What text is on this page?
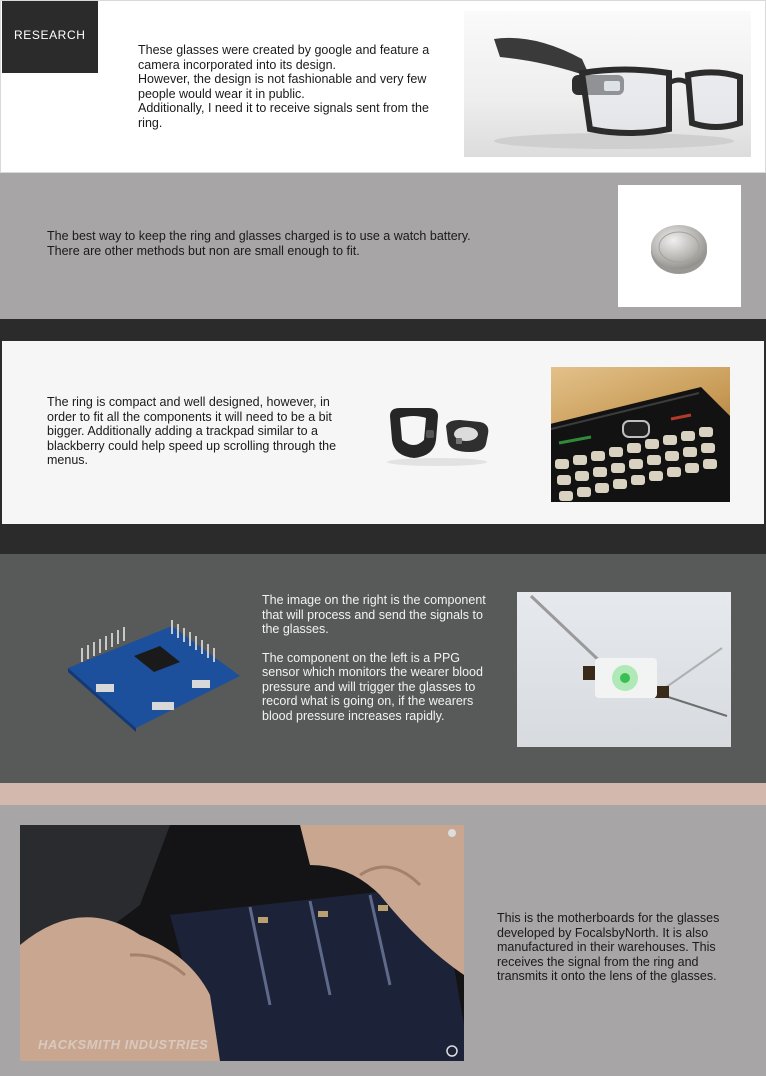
RESEARCH

These glasses were created by google and feature a camera incorporated into its design.

However, the design is not fashionable and very few people would wear it in public.

Additionally, I need it to receive signals sent from the ring.

The best way to keep the ring and glasses charged is to use a watch battery. There are other methods but non are small enough to fit.
The ring is compact and well designed, however, in order to fit all the components it will need to be a bit bigger. Additionally adding a trackpad similar to a blackberry could help speed up scrolling through the menus.

The image on the right is the component that will process and send the signals to the glasses.

The component on the left is a PPG sensor which monitors the wearer blood pressure and will trigger the glasses to record what is going on, if the wearers blood pressure increases rapidly.

HACKSMITH INDUSTRIES
This is the motherboards for the glasses developed by FocalsbyNorth. It is also manufactured in their warehouses. This receives the signal from the ring and transmits it onto the lens of the glasses.
